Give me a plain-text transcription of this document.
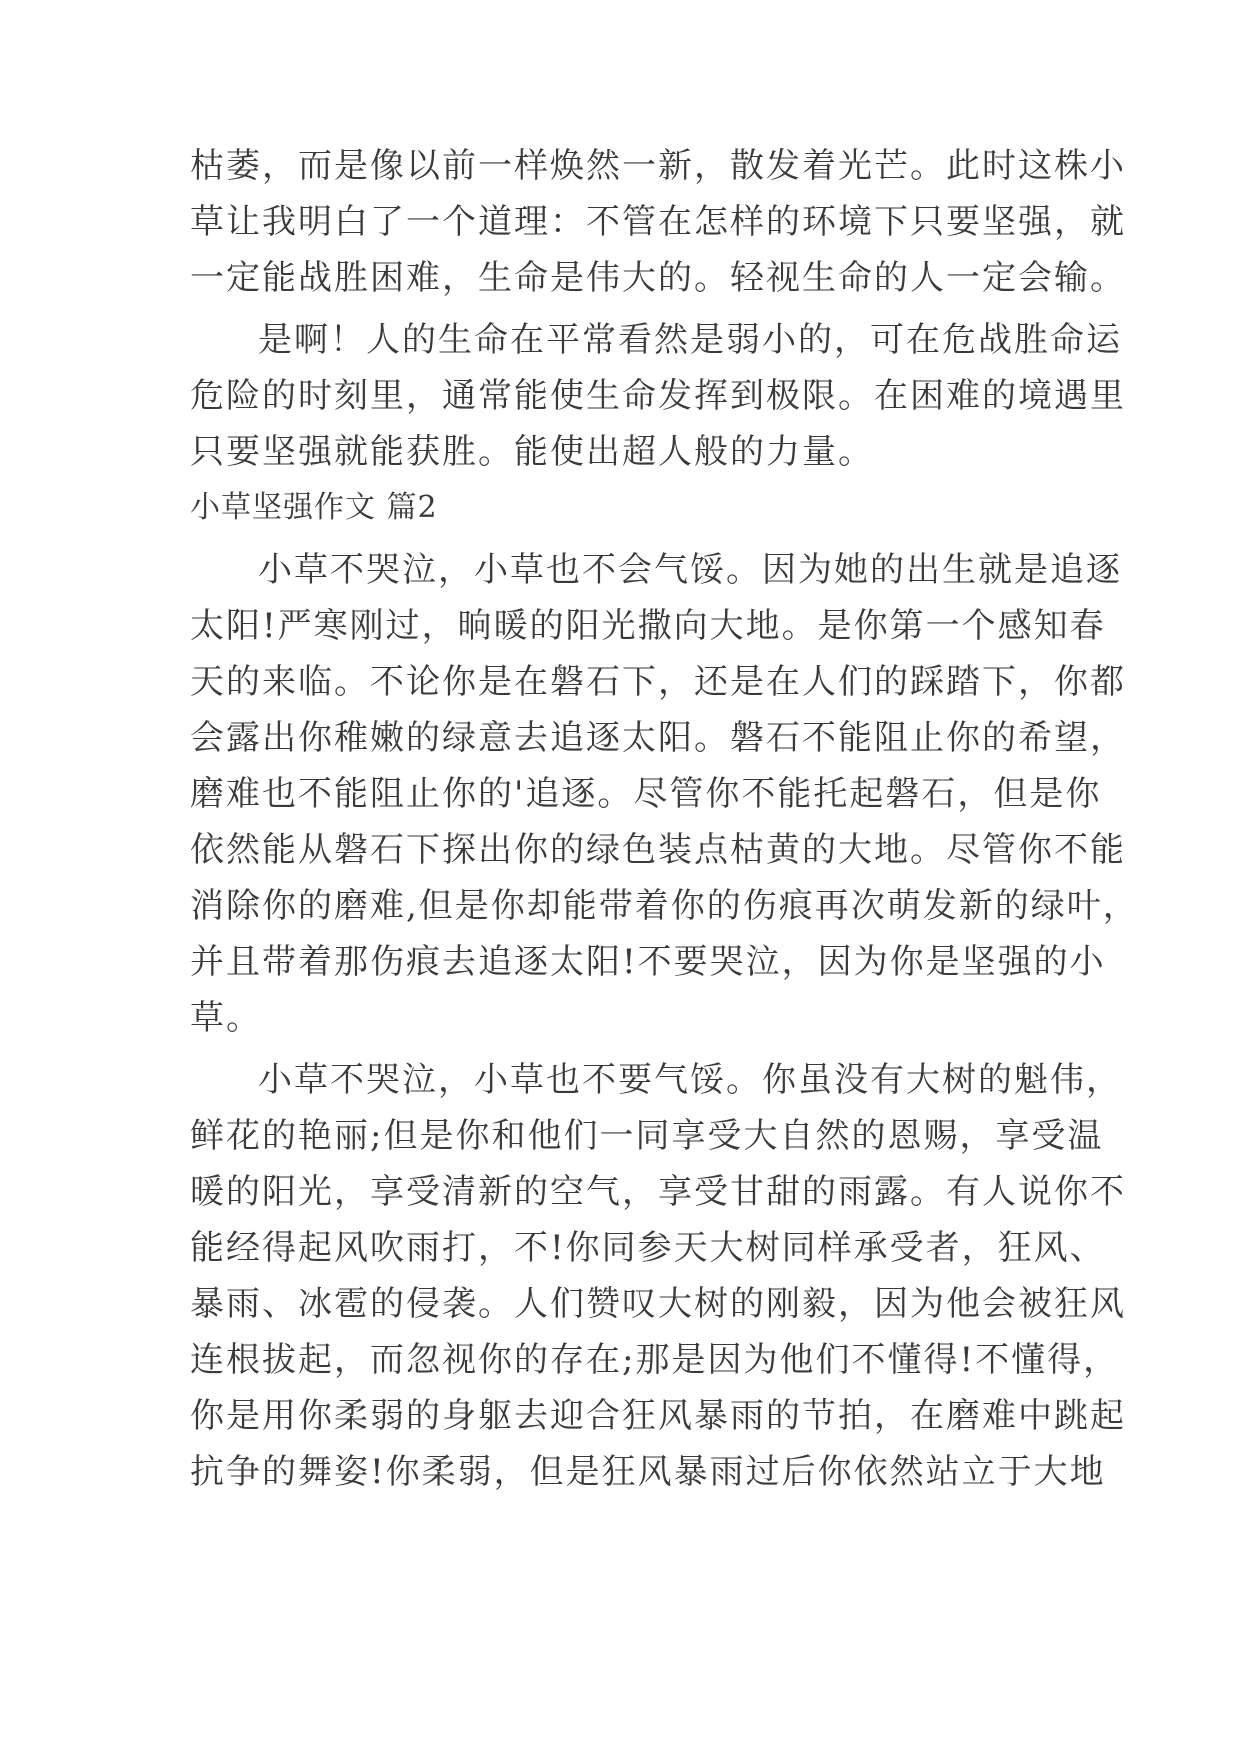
枯萎，而是像以前一样焕然一新，散发着光芒。此时这株小
草让我明白了一个道理：不管在怎样的环境下只要坚强，就
一定能战胜困难，生命是伟大的。轻视生命的人一定会输。
是啊！人的生命在平常看然是弱小的，可在危战胜命运
危险的时刻里，通常能使生命发挥到极限。在困难的境遇里
只要坚强就能获胜。能使出超人般的力量。
小草坚强作文 篇2
小草不哭泣，小草也不会气馁。因为她的出生就是追逐
太阳!严寒刚过，晌暖的阳光撒向大地。是你第一个感知春
天的来临。不论你是在磐石下，还是在人们的踩踏下，你都
会露出你稚嫩的绿意去追逐太阳。磐石不能阻止你的希望，
磨难也不能阻止你的'追逐。尽管你不能托起磐石，但是你
依然能从磐石下探出你的绿色装点枯黄的大地。尽管你不能
消除你的磨难,但是你却能带着你的伤痕再次萌发新的绿叶，
并且带着那伤痕去追逐太阳!不要哭泣，因为你是坚强的小
草。
小草不哭泣，小草也不要气馁。你虽没有大树的魁伟，
鲜花的艳丽;但是你和他们一同享受大自然的恩赐，享受温
暖的阳光，享受清新的空气，享受甘甜的雨露。有人说你不
能经得起风吹雨打，不!你同参天大树同样承受者，狂风、
暴雨、冰雹的侵袭。人们赞叹大树的刚毅，因为他会被狂风
连根拔起，而忽视你的存在;那是因为他们不懂得!不懂得，
你是用你柔弱的身躯去迎合狂风暴雨的节拍，在磨难中跳起
抗争的舞姿!你柔弱，但是狂风暴雨过后你依然站立于大地
